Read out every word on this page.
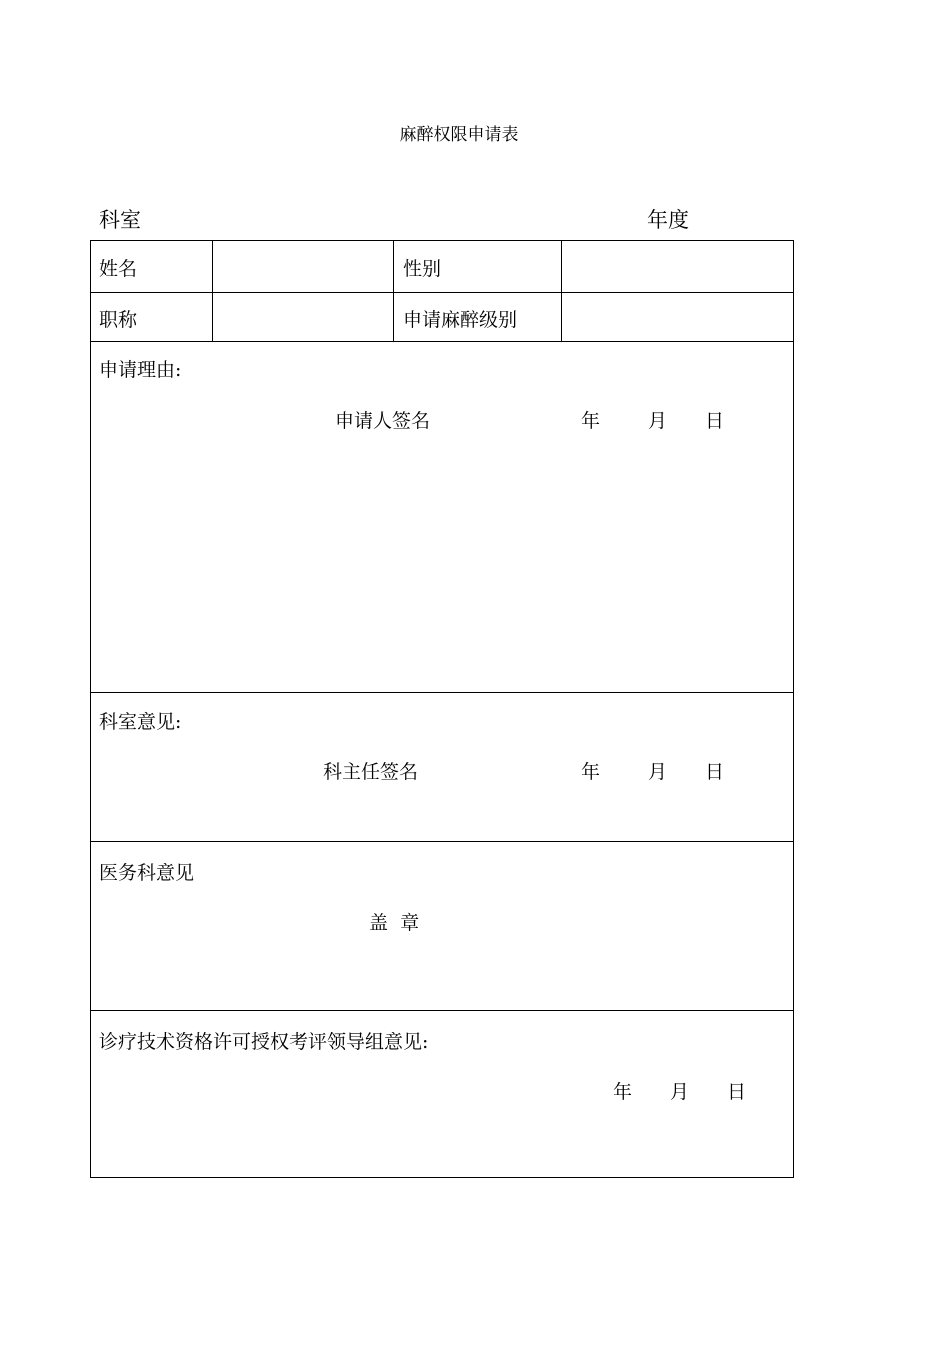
麻醉权限申请表
科室	年度
姓名	性别
职称	申请麻醉级别
申请理由:
申请人签名	年	月 日
科室意见:
科主任签名	年	月 日
医务科意见
盖  章
诊疗技术资格许可授权考评领导组意见:
年 月 日
